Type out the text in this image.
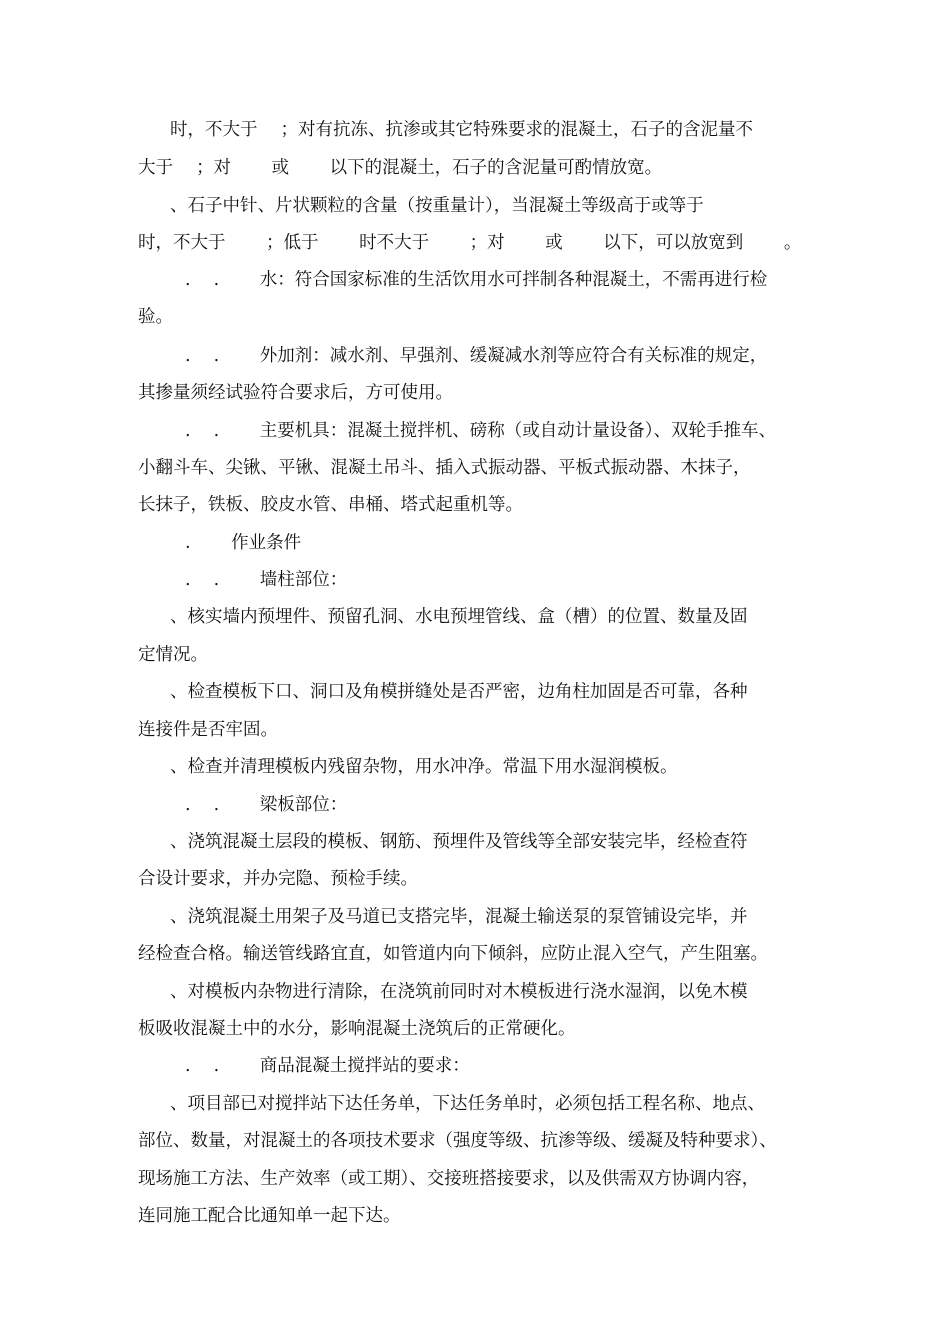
时，不大于 　；对有抗冻、抗渗或其它特殊要求的混凝土，石子的含泥量不
大于 　；对 　　或 　　以下的混凝土，石子的含泥量可酌情放宽。
、石子中针、片状颗粒的含量（按重量计），当混凝土等级高于或等于
时，不大于 　　；低于 　　时不大于 　　；对 　　或 　　以下，可以放宽到 　　。
. 　. 　　水：符合国家标准的生活饮用水可拌制各种混凝土，不需再进行检
验。
. 　. 　　外加剂：减水剂、早强剂、缓凝减水剂等应符合有关标准的规定，
其掺量须经试验符合要求后，方可使用。
. 　. 　　主要机具：混凝土搅拌机、磅称（或自动计量设备）、双轮手推车、
小翻斗车、尖锹、平锹、混凝土吊斗、插入式振动器、平板式振动器、木抹子，
长抹子，铁板、胶皮水管、串桶、塔式起重机等。
. 　　作业条件
. 　. 　　墙柱部位：
、核实墙内预埋件、预留孔洞、水电预埋管线、盒（槽）的位置、数量及固
定情况。
、检查模板下口、洞口及角模拼缝处是否严密，边角柱加固是否可靠，各种
连接件是否牢固。
、检查并清理模板内残留杂物，用水冲净。常温下用水湿润模板。
. 　. 　　梁板部位：
、浇筑混凝土层段的模板、钢筋、预埋件及管线等全部安装完毕，经检查符
合设计要求，并办完隐、预检手续。
、浇筑混凝土用架子及马道已支搭完毕，混凝土输送泵的泵管铺设完毕，并
经检查合格。输送管线路宜直，如管道内向下倾斜，应防止混入空气，产生阻塞。
、对模板内杂物进行清除，在浇筑前同时对木模板进行浇水湿润，以免木模
板吸收混凝土中的水分，影响混凝土浇筑后的正常硬化。
. 　. 　　商品混凝土搅拌站的要求：
、项目部已对搅拌站下达任务单，下达任务单时，必须包括工程名称、地点、
部位、数量，对混凝土的各项技术要求（强度等级、抗渗等级、缓凝及特种要求）、
现场施工方法、生产效率（或工期）、交接班搭接要求，以及供需双方协调内容，
连同施工配合比通知单一起下达。
